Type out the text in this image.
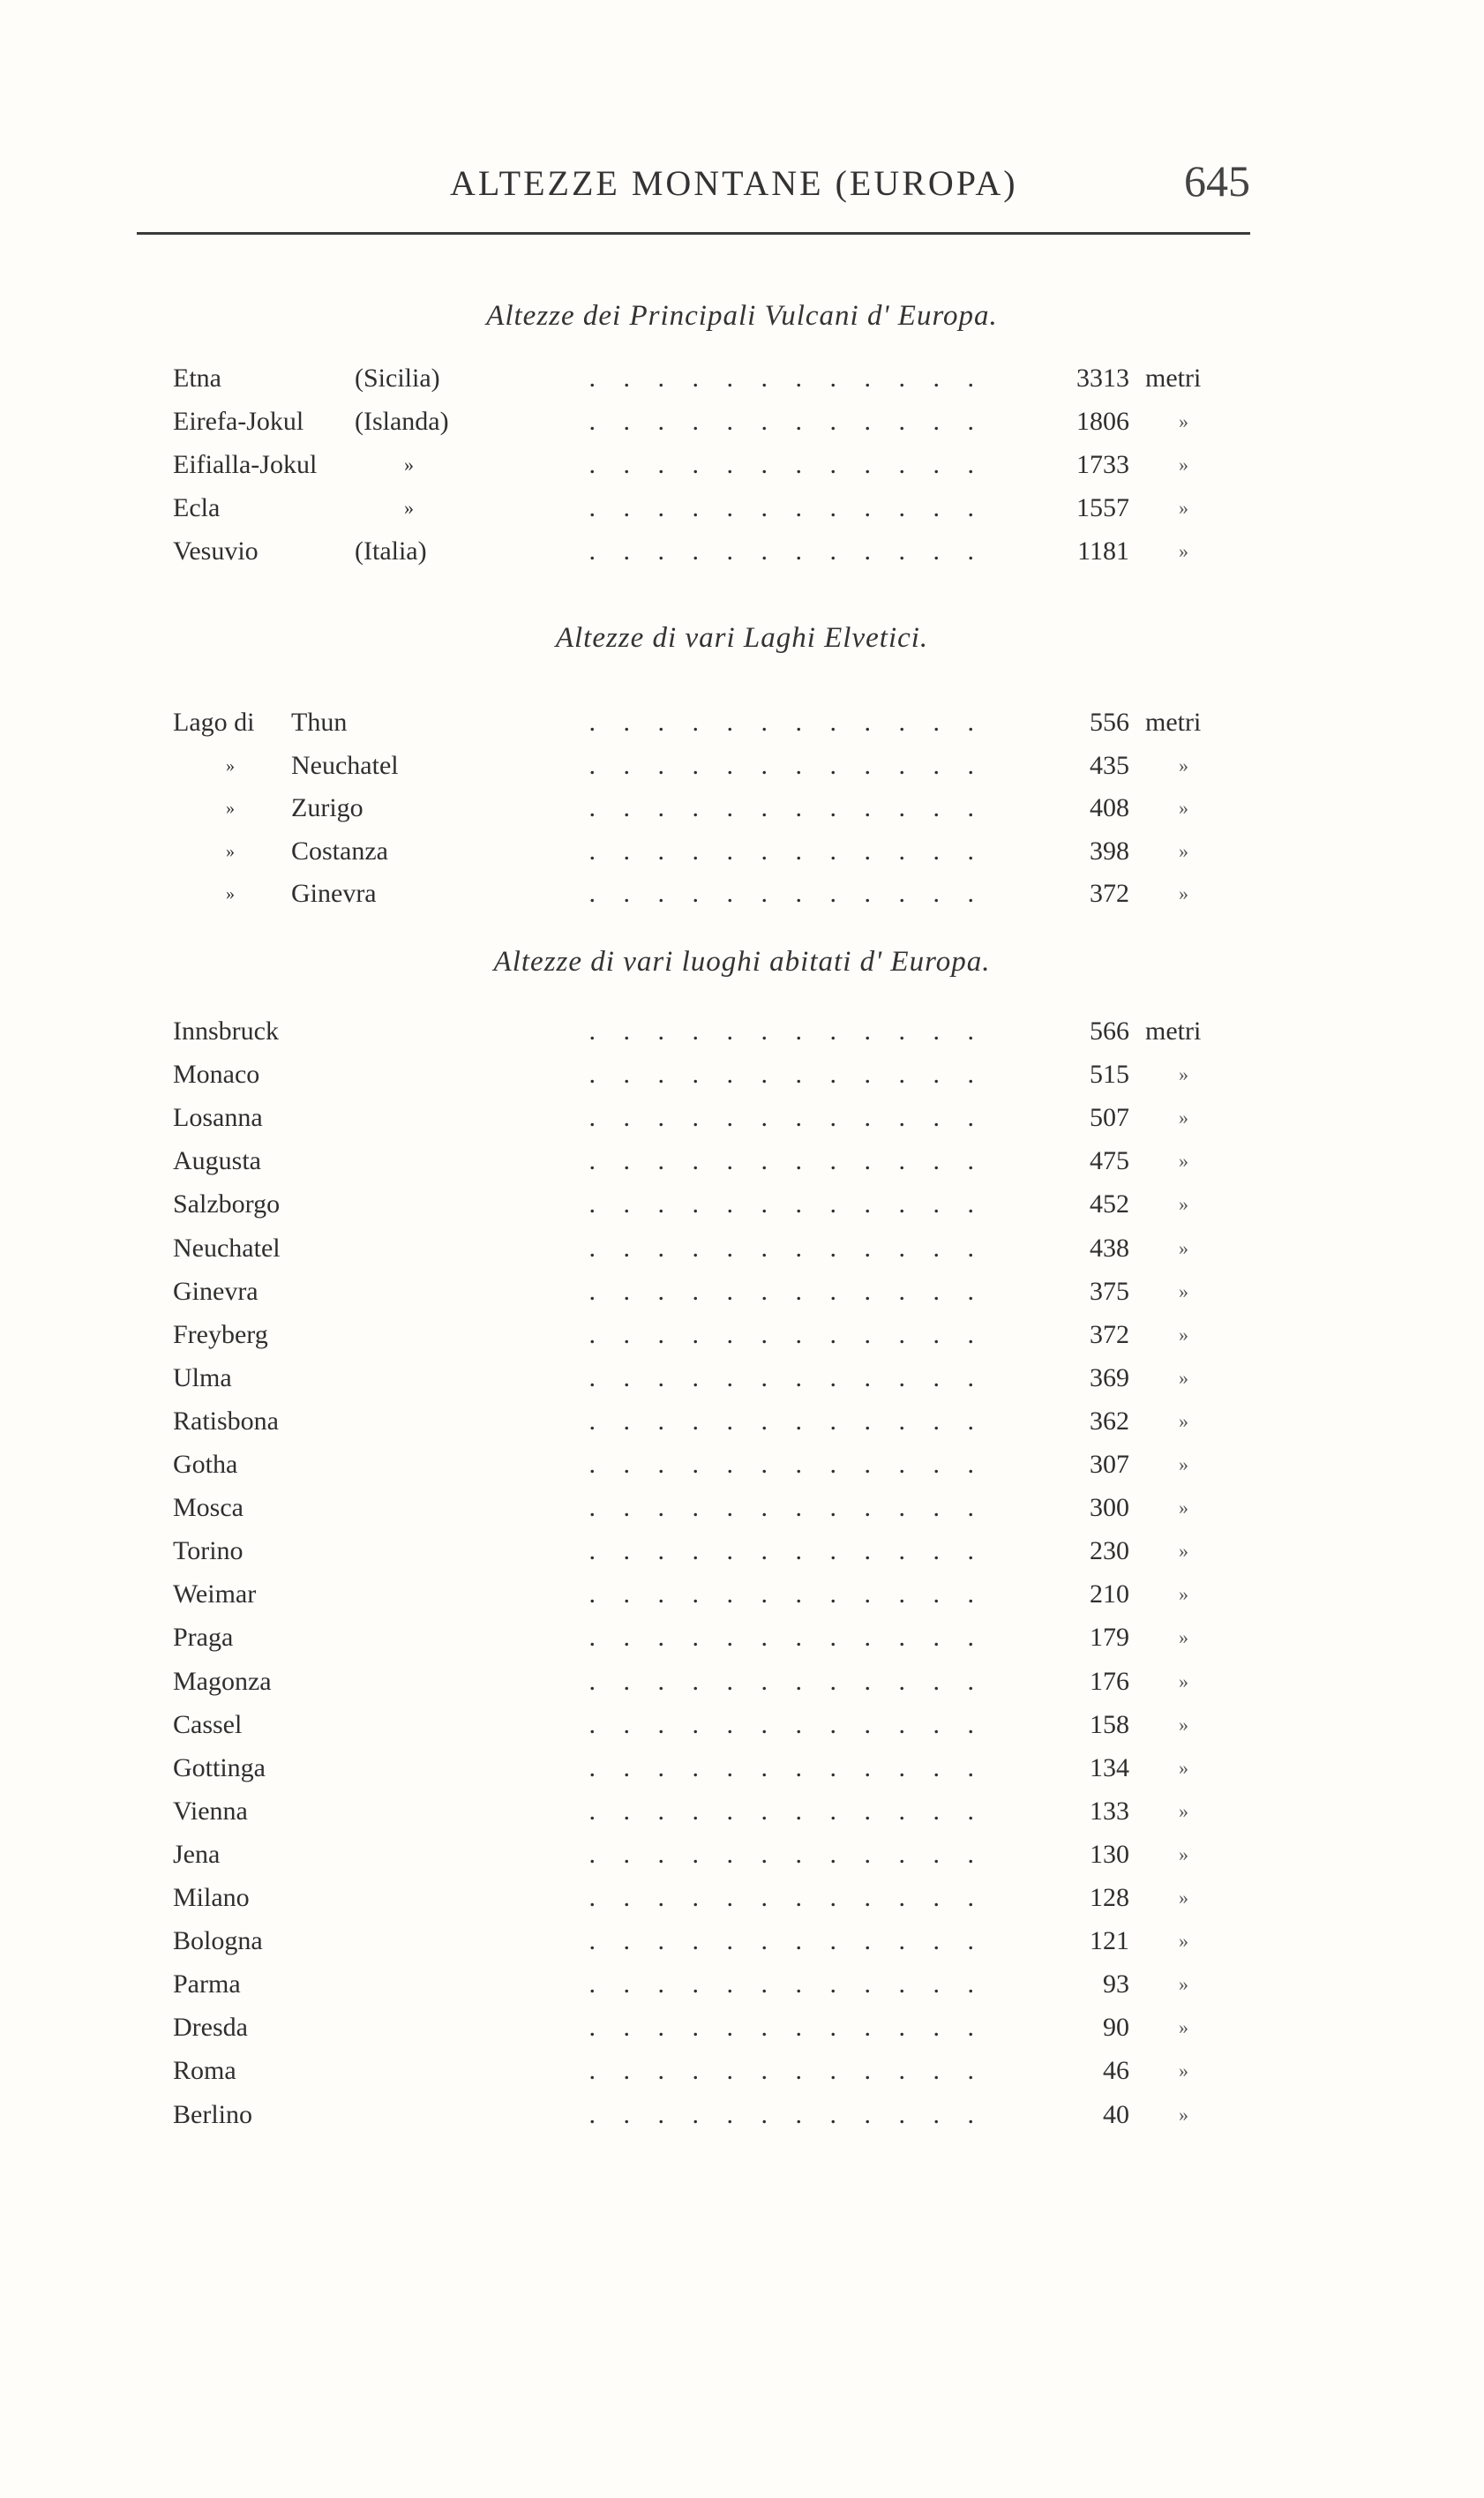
ALTEZZE MONTANE (EUROPA)	645
Altezze dei Principali Vulcani d' Europa.
Etna	(Sicilia)	. . . . . . . . . . . .	3313 metri
Eirefa-Jokul (Islanda)	. . . . . . . . . . . .	1806	»
Eifialla-Jokul	»	. . . . . . . . . . . .	1733	»
Ecla	»	. . . . . . . . . . . .	1557	»
Vesuvio	(Italia)	. . . . . . . . . . . .	1181	»
Altezze di vari Laghi Elvetici.
Lago di Thun	. . . . . . . . . . . .	556 metri
» Neuchatel	. . . . . . . . . . . .	435	»
» Zurigo	. . . . . . . . . . . .	408	»
» Costanza	. . . . . . . . . . . .	398	»
» Ginevra	. . . . . . . . . . . .	372	»
Altezze di vari luoghi abitati d' Europa.
Innsbruck	. . . . . . . . . . . .	566 metri
Monaco	. . . . . . . . . . . .	515	»
Losanna	. . . . . . . . . . . .	507	»
Augusta	. . . . . . . . . . . .	475	»
Salzborgo	. . . . . . . . . . . .	452	»
Neuchatel	. . . . . . . . . . . .	438	»
Ginevra	. . . . . . . . . . . .	375	»
Freyberg	. . . . . . . . . . . .	372	»
Ulma	. . . . . . . . . . . .	369	»
Ratisbona	. . . . . . . . . . . .	362	»
Gotha	. . . . . . . . . . . .	307	»
Mosca	. . . . . . . . . . . .	300	»
Torino	. . . . . . . . . . . .	230	»
Weimar	. . . . . . . . . . . .	210	»
Praga	. . . . . . . . . . . .	179	»
Magonza	. . . . . . . . . . . .	176	»
Cassel	. . . . . . . . . . . .	158	»
Gottinga	. . . . . . . . . . . .	134	»
Vienna	. . . . . . . . . . . .	133	»
Jena	. . . . . . . . . . . .	130	»
Milano	. . . . . . . . . . . .	128	»
Bologna	. . . . . . . . . . . .	121	»
Parma	. . . . . . . . . . . .	93	»
Dresda	. . . . . . . . . . . .	90	»
Roma	. . . . . . . . . . . .	46	»
Berlino	. . . . . . . . . . . .	40	»
